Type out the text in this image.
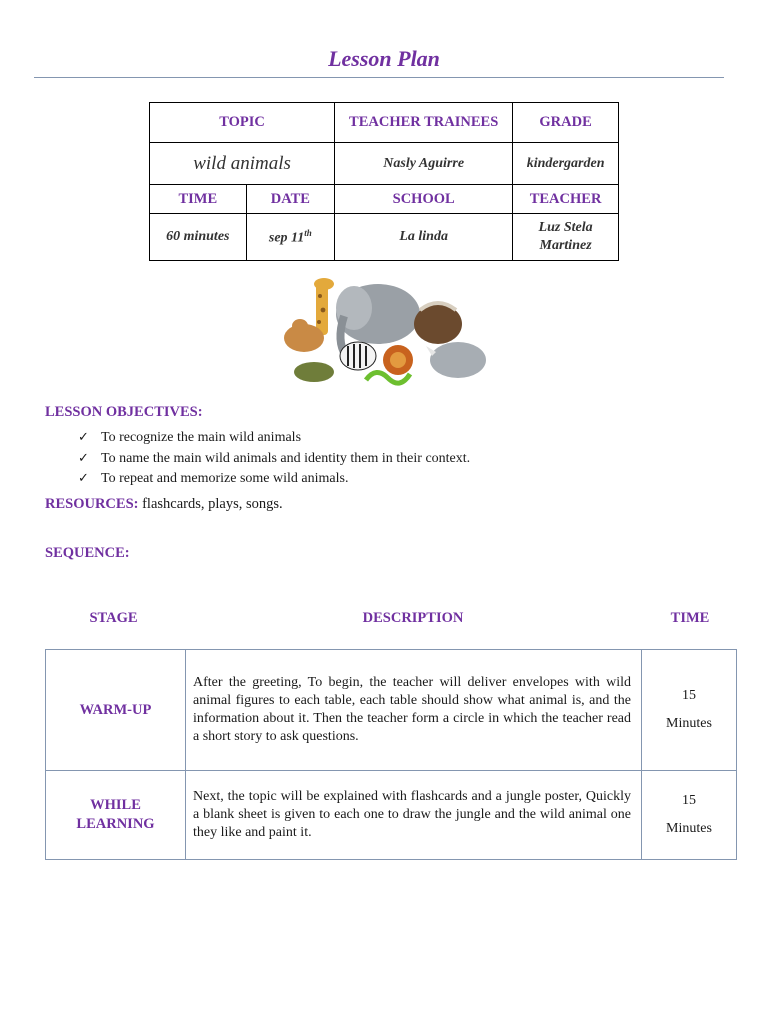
Lesson Plan
TOPIC		TEACHER TRAINEES	GRADE
wild animals		Nasly Aguirre	kindergarden
TIME	DATE	SCHOOL	TEACHER
60 minutes	sep 11th	La linda	Luz Stela
Martinez
LESSON OBJECTIVES:
✓ To recognize the main wild animals
✓ To name the main wild animals and identity them in their context.
✓ To repeat and memorize some wild animals.
RESOURCES: flashcards, plays, songs.
SEQUENCE:
STAGE	DESCRIPTION	TIME
WARM-UP	After the greeting, To begin, the teacher will deliver envelopes with wild animal figures to each table, each table should show what animal is, and the information about it. Then the teacher form a circle in which the teacher read a short story to ask questions.	15
Minutes
WHILE
LEARNING	Next, the topic will be explained with flashcards and a jungle poster, Quickly a blank sheet is given to each one to draw the jungle and the wild animal one they like and paint it.	15
Minutes
